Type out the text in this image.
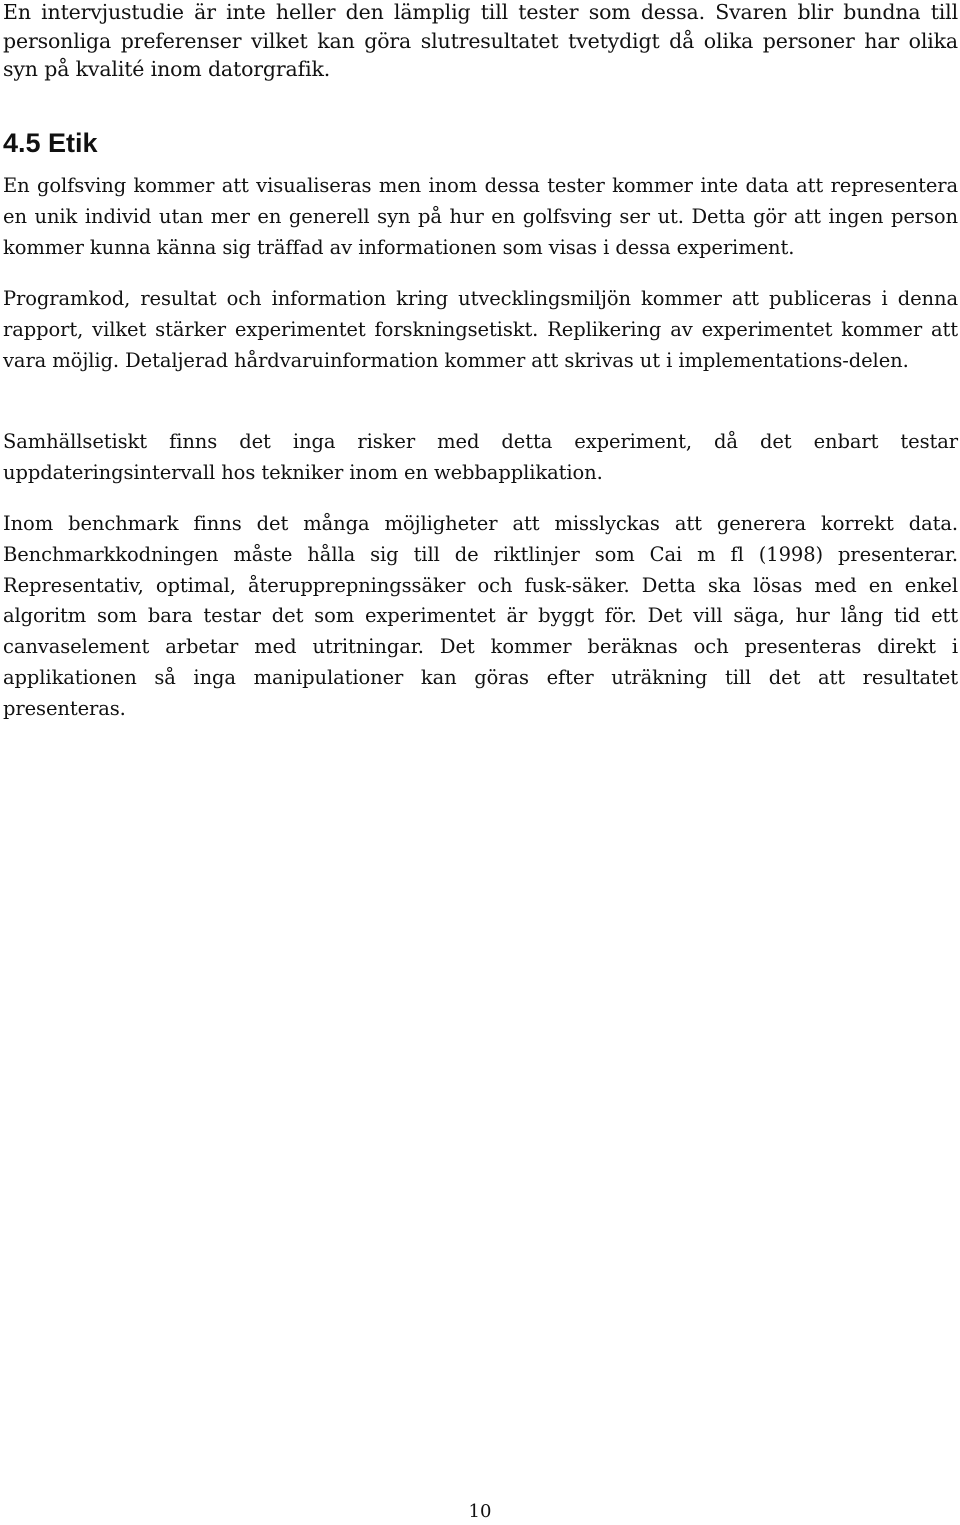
En intervjustudie är inte heller den lämplig till tester som dessa. Svaren blir bundna till personliga preferenser vilket kan göra slutresultatet tvetydigt då olika personer har olika syn på kvalité inom datorgrafik.

4.5 Etik

En golfsving kommer att visualiseras men inom dessa tester kommer inte data att representera en unik individ utan mer en generell syn på hur en golfsving ser ut. Detta gör att ingen person kommer kunna känna sig träffad av informationen som visas i dessa experiment.

Programkod, resultat och information kring utvecklingsmiljön kommer att publiceras i denna rapport, vilket stärker experimentet forskningsetiskt. Replikering av experimentet kommer att vara möjlig. Detaljerad hårdvaruinformation kommer att skrivas ut i implementations-delen.

Samhällsetiskt finns det inga risker med detta experiment, då det enbart testar uppdateringsintervall hos tekniker inom en webbapplikation.

Inom benchmark finns det många möjligheter att misslyckas att generera korrekt data. Benchmarkkodningen måste hålla sig till de riktlinjer som Cai m fl (1998) presenterar. Representativ, optimal, återupprepningssäker och fusk-säker. Detta ska lösas med en enkel algoritm som bara testar det som experimentet är byggt för. Det vill säga, hur lång tid ett canvaselement arbetar med utritningar. Det kommer beräknas och presenteras direkt i applikationen så inga manipulationer kan göras efter uträkning till det att resultatet presenteras.

10
